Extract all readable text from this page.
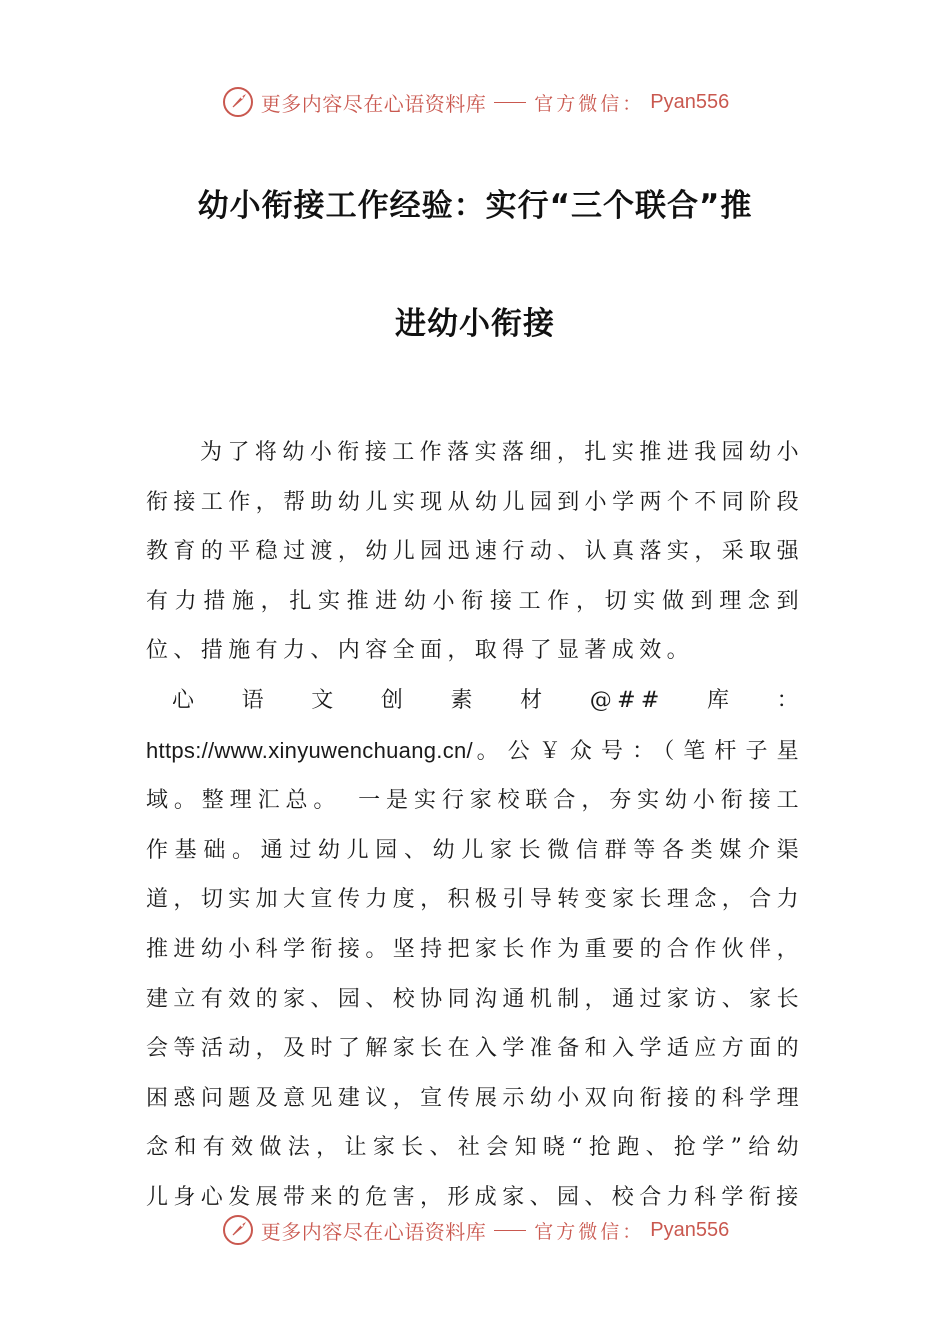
更多内容尽在心语资料库	官方微信： Pyan556
幼小衔接工作经验：实行“三个联合”推
进幼小衔接

为了将幼小衔接工作落实落细，扎实推进我园幼小衔接工作，帮助幼儿实现从幼儿园到小学两个不同阶段教育的平稳过渡，幼儿园迅速行动、认真落实，采取强有力措施，扎实推进幼小衔接工作，切实做到理念到位、措施有力、内容全面，取得了显著成效。

心语文创素材@##库：https://www.xinyuwenchuang.cn/。公￥众号：（笔杆子星域。整理汇总。　一是实行家校联合，夯实幼小衔接工作基础。通过幼儿园、幼儿家长微信群等各类媒介渠道，切实加大宣传力度，积极引导转变家长理念，合力推进幼小科学衔接。坚持把家长作为重要的合作伙伴，建立有效的家、园、校协同沟通机制，通过家访、家长会等活动，及时了解家长在入学准备和入学适应方面的困惑问题及意见建议，宣传展示幼小双向衔接的科学理念和有效做法，让家长、社会知晓“抢跑、抢学”给幼儿身心发展带来的危害，形成家、园、校合力科学衔接

更多内容尽在心语资料库	官方微信： Pyan556
